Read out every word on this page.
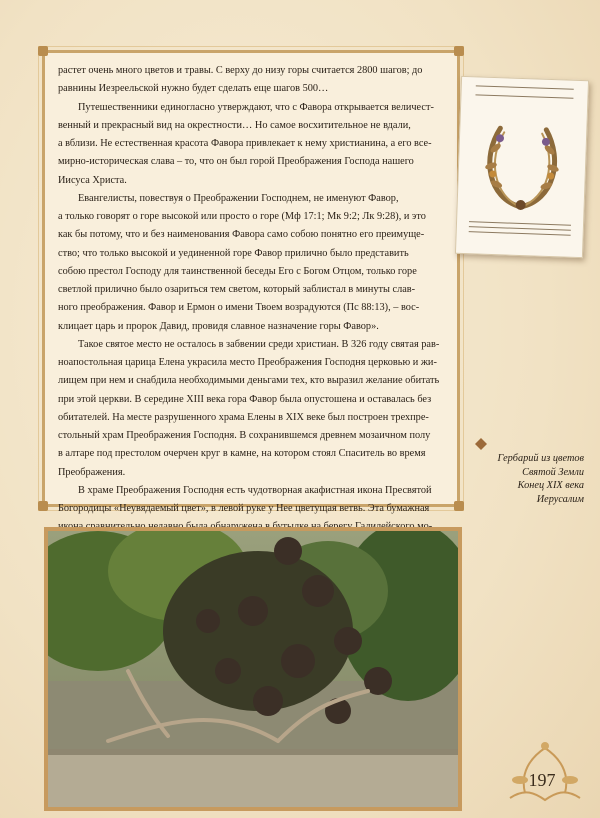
растет очень много цветов и травы. С верху до низу горы считается 2800 шагов; до

равнины Иезреельской нужно будет сделать еще шагов 500…

Путешественники единогласно утверждают, что с Фавора открывается величест-

венный и прекрасный вид на окрестности… Но самое восхитительное не вдали,

а вблизи. Не естественная красота Фавора привлекает к нему христианина, а его все-

мирно-историческая слава – то, что он был горой Преображения Господа нашего

Иисуса Христа.

Евангелисты, повествуя о Преображении Господнем, не именуют Фавор,

а только говорят о горе высокой или просто о горе (Мф 17:1; Мк 9:2; Лк 9:28), и это

как бы потому, что и без наименования Фавора само собою понятно его преимуще-

ство; что только высокой и уединенной горе Фавор прилично было представить

собою престол Господу для таинственной беседы Его с Богом Отцом, только горе

светлой прилично было озариться тем светом, который заблистал в минуты слав-

ного преображения. Фавор и Ермон о имени Твоем возрадуются (Пс 88:13), – вос-

клицает царь и пророк Давид, провидя славное назначение горы Фавор».

Такое святое место не осталось в забвении среди христиан. В 326 году святая рав-

ноапостольная царица Елена украсила место Преображения Господня церковью и жи-

лищем при нем и снабдила необходимыми деньгами тех, кто выразил желание обитать

при этой церкви. В середине XIII века гора Фавор была опустошена и оставалась без

обитателей. На месте разрушенного храма Елены в XIX веке был построен трехпре-

стольный храм Преображения Господня. В сохранившемся древнем мозаичном полу

в алтаре под престолом очерчен круг в камне, на котором стоял Спаситель во время

Преображения.

В храме Преображения Господня есть чудотворная акафистная икона Пресвятой

Богородицы «Неувядаемый цвет», в левой руке у Нее цветущая ветвь. Эта бумажная

Гербарий из цветов
Святой Земли
Конец XIX века
Иерусалим
197
